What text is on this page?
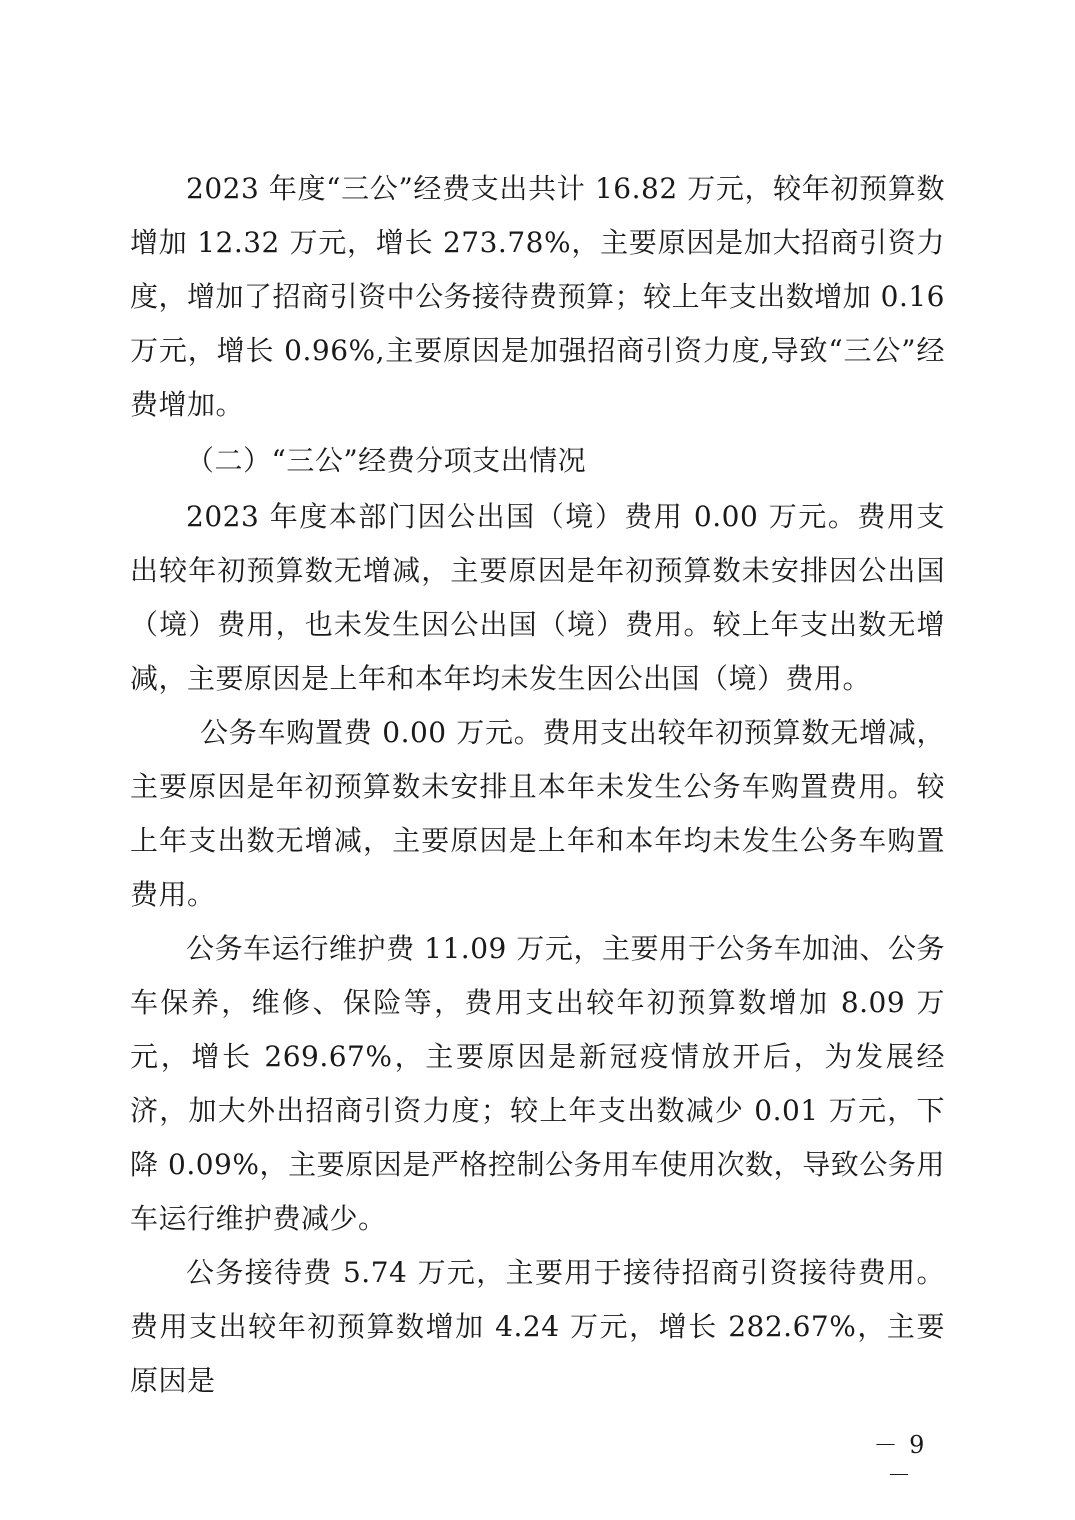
2023 年度“三公”经费支出共计 16.82 万元，较年初预算数增加 12.32 万元，增长 273.78%，主要原因是加大招商引资力度，增加了招商引资中公务接待费预算；较上年支出数增加 0.16 万元，增长 0.96%,主要原因是加强招商引资力度,导致“三公”经费增加。

（二）“三公”经费分项支出情况

2023 年度本部门因公出国（境）费用 0.00 万元。费用支出较年初预算数无增减，主要原因是年初预算数未安排因公出国（境）费用，也未发生因公出国（境）费用。较上年支出数无增减，主要原因是上年和本年均未发生因公出国（境）费用。

公务车购置费 0.00 万元。费用支出较年初预算数无增减，主要原因是年初预算数未安排且本年未发生公务车购置费用。较上年支出数无增减，主要原因是上年和本年均未发生公务车购置费用。

公务车运行维护费 11.09 万元，主要用于公务车加油、公务车保养，维修、保险等，费用支出较年初预算数增加 8.09 万元，增长 269.67%，主要原因是新冠疫情放开后，为发展经济，加大外出招商引资力度；较上年支出数减少 0.01 万元，下降 0.09%，主要原因是严格控制公务用车使用次数，导致公务用车运行维护费减少。

公务接待费 5.74 万元，主要用于接待招商引资接待费用。费用支出较年初预算数增加 4.24 万元，增长 282.67%，主要原因是

－ 9 －
